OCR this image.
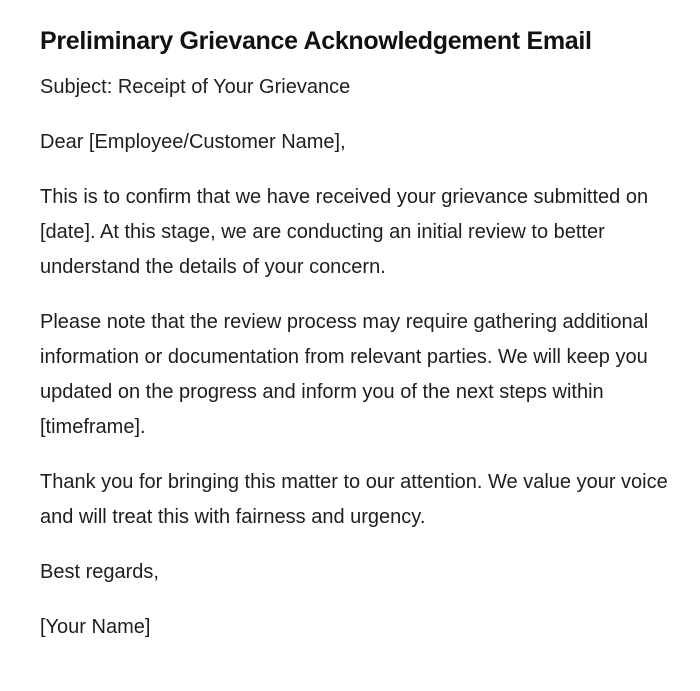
Preliminary Grievance Acknowledgement Email

Subject: Receipt of Your Grievance

Dear [Employee/Customer Name],

This is to confirm that we have received your grievance submitted on [date]. At this stage, we are conducting an initial review to better understand the details of your concern.

Please note that the review process may require gathering additional information or documentation from relevant parties. We will keep you updated on the progress and inform you of the next steps within [timeframe].

Thank you for bringing this matter to our attention. We value your voice and will treat this with fairness and urgency.

Best regards,

[Your Name]
